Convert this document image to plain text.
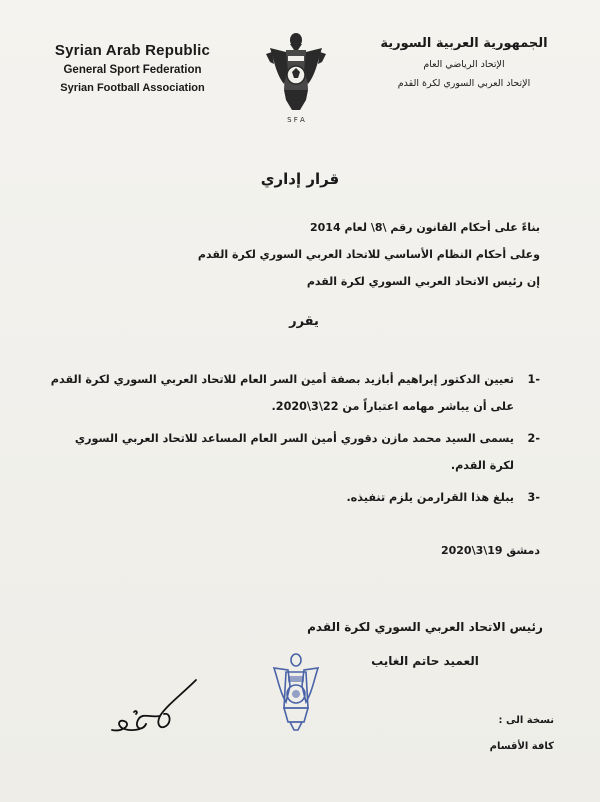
Syrian Arab Republic
General Sport Federation
Syrian Football Association
S F A
الجمهورية العربية السورية
الإتحاد الرياضي العام
الإتحاد العربي السوري لكرة القدم
قرار إداري
بناءً على أحكام القانون رقم \8\ لعام 2014
وعلى أحكام النظام الأساسي للاتحاد العربي السوري لكرة القدم
إن رئيس الاتحاد العربي السوري لكرة القدم
يقرر
-1
تعيين الدكتور إبراهيم أبازيد بصفة أمين السر العام للاتحاد العربي السوري لكرة القدم على أن يباشر مهامه اعتباراً من 22\3\2020.
-2
يسمى السيد محمد مازن دقوري أمين السر العام المساعد للاتحاد العربي السوري لكرة القدم.
-3
يبلغ هذا القرارمن يلزم تنفيذه.
دمشق 19\3\2020
رئيس الاتحاد العربي السوري لكرة القدم
العميد حاتم الغايب
نسخة الى :
كافة الأقسام
